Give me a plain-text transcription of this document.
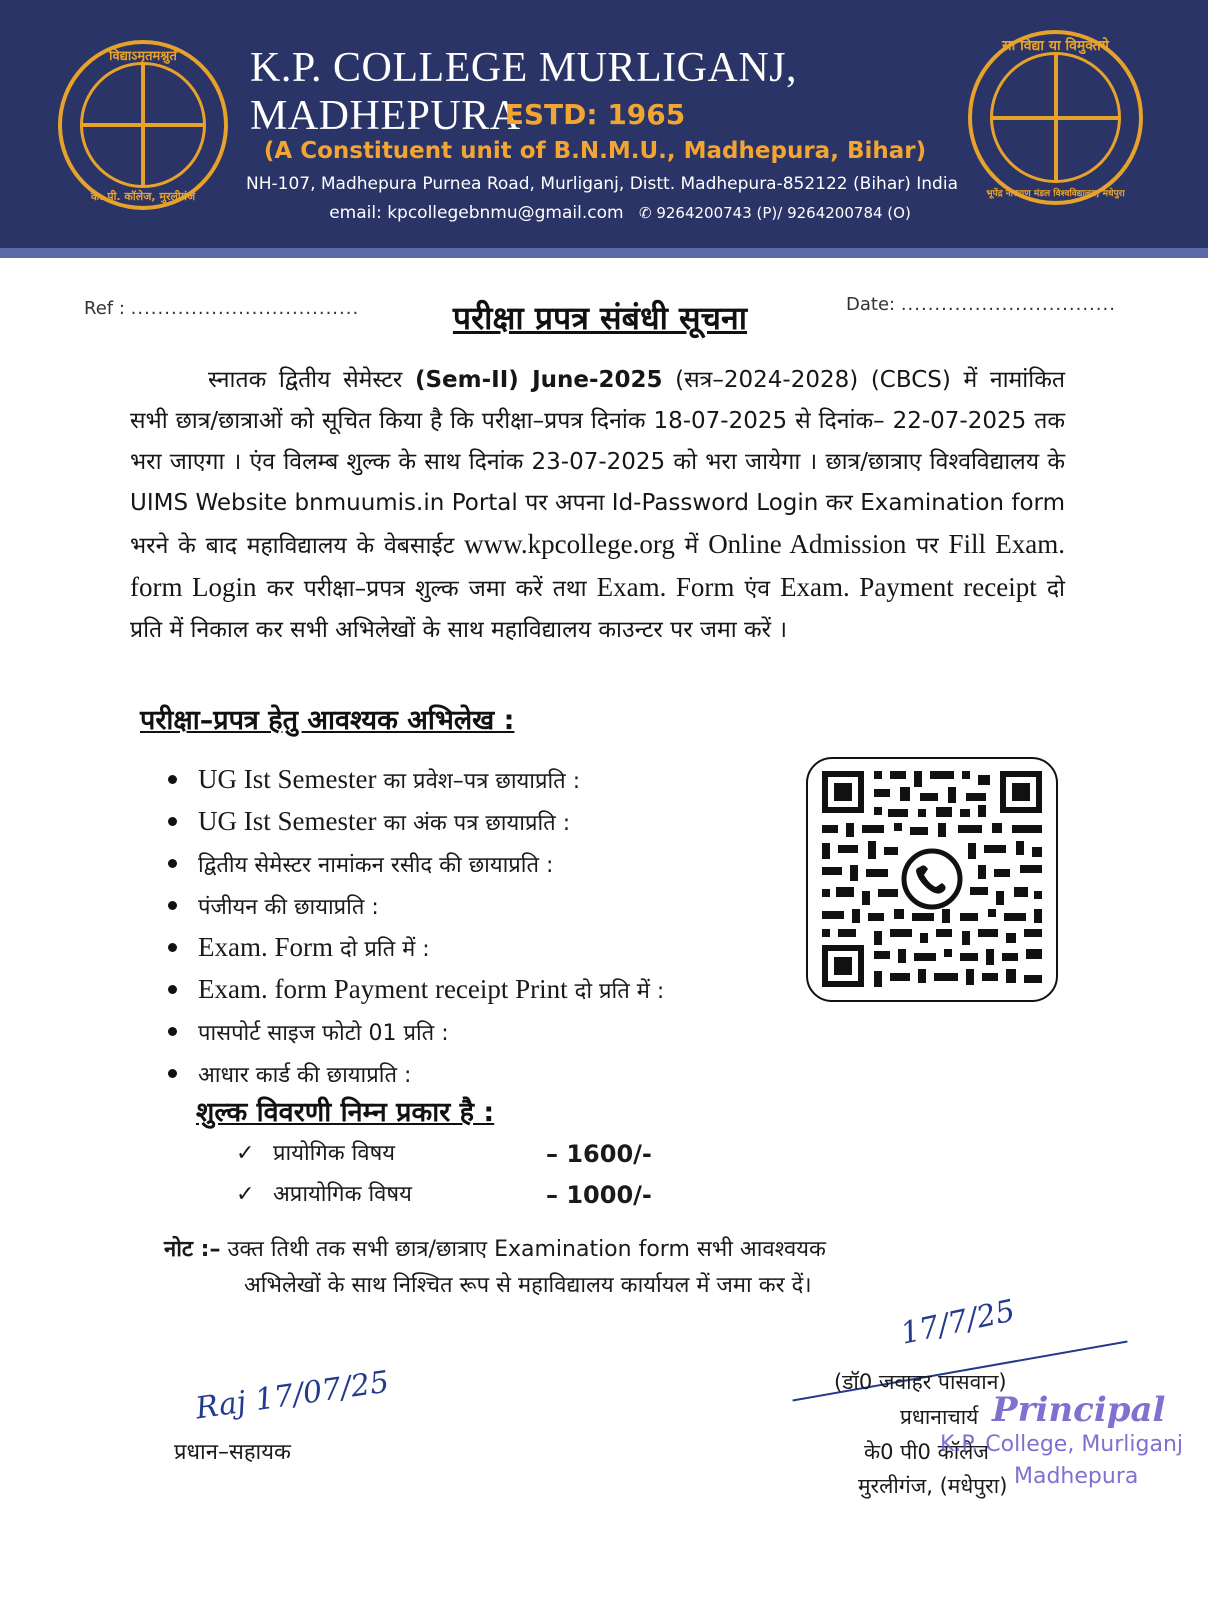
विद्याऽमृतमश्नुते
के. पी. कॉलेज, मुरलीगंज
K.P. COLLEGE MURLIGANJ, MADHEPURA
ESTD: 1965
(A Constituent unit of B.N.M.U., Madhepura, Bihar)
NH-107, Madhepura Purnea Road, Murliganj, Distt. Madhepura-852122 (Bihar) India
email: kpcollegebnmu@gmail.com ✆ 9264200743 (P)/ 9264200784 (O)
सा विद्या या विमुक्तये
भूपेंद्र नारायण मंडल विश्वविद्यालय, मधेपुरा
Ref : ..................................	Date: ................................
परीक्षा प्रपत्र संबंधी सूचना

स्नातक द्वितीय सेमेस्टर (Sem-II) June-2025 (सत्र–2024-2028) (CBCS) में नामांकित सभी छात्र/छात्राओं को सूचित किया है कि परीक्षा–प्रपत्र दिनांक 18-07-2025 से दिनांक– 22-07-2025 तक भरा जाएगा । एंव विलम्ब शुल्क के साथ दिनांक 23-07-2025 को भरा जायेगा । छात्र/छात्राए विश्वविद्यालय के UIMS Website bnmuumis.in Portal पर अपना Id-Password Login कर Examination form भरने के बाद महाविद्यालय के वेबसाईट www.kpcollege.org में Online Admission पर Fill Exam. form Login कर परीक्षा–प्रपत्र शुल्क जमा करें तथा Exam. Form एंव Exam. Payment receipt दो प्रति में निकाल कर सभी अभिलेखों के साथ महाविद्यालय काउन्टर पर जमा करें ।

परीक्षा–प्रपत्र हेतु आवश्यक अभिलेख :
UG Ist Semester का प्रवेश–पत्र छायाप्रति :
UG Ist Semester का अंक पत्र छायाप्रति :
द्वितीय सेमेस्टर नामांकन रसीद की छायाप्रति :
पंजीयन की छायाप्रति :
Exam. Form दो प्रति में :
Exam. form Payment receipt Print दो प्रति में :
पासपोर्ट साइज फोटो 01 प्रति :
आधार कार्ड की छायाप्रति :
शुल्क विवरणी निम्न प्रकार है :
✓ प्रायोगिक विषय	– 1600/-
✓ अप्रायोगिक विषय	– 1000/-
नोट :– उक्त तिथी तक सभी छात्र/छात्राए Examination form सभी आवश्वयक
अभिलेखों के साथ निश्चित रूप से महाविद्यालय कार्यायल में जमा कर दें।
Raj 17/07/25
प्रधान–सहायक
17/7/25
(डॉ0 जवाहर पासवान)
प्रधानाचार्य
के0 पी0 कॉलेज
मुरलीगंज, (मधेपुरा)
Principal
K.P. College, Murliganj
Madhepura
